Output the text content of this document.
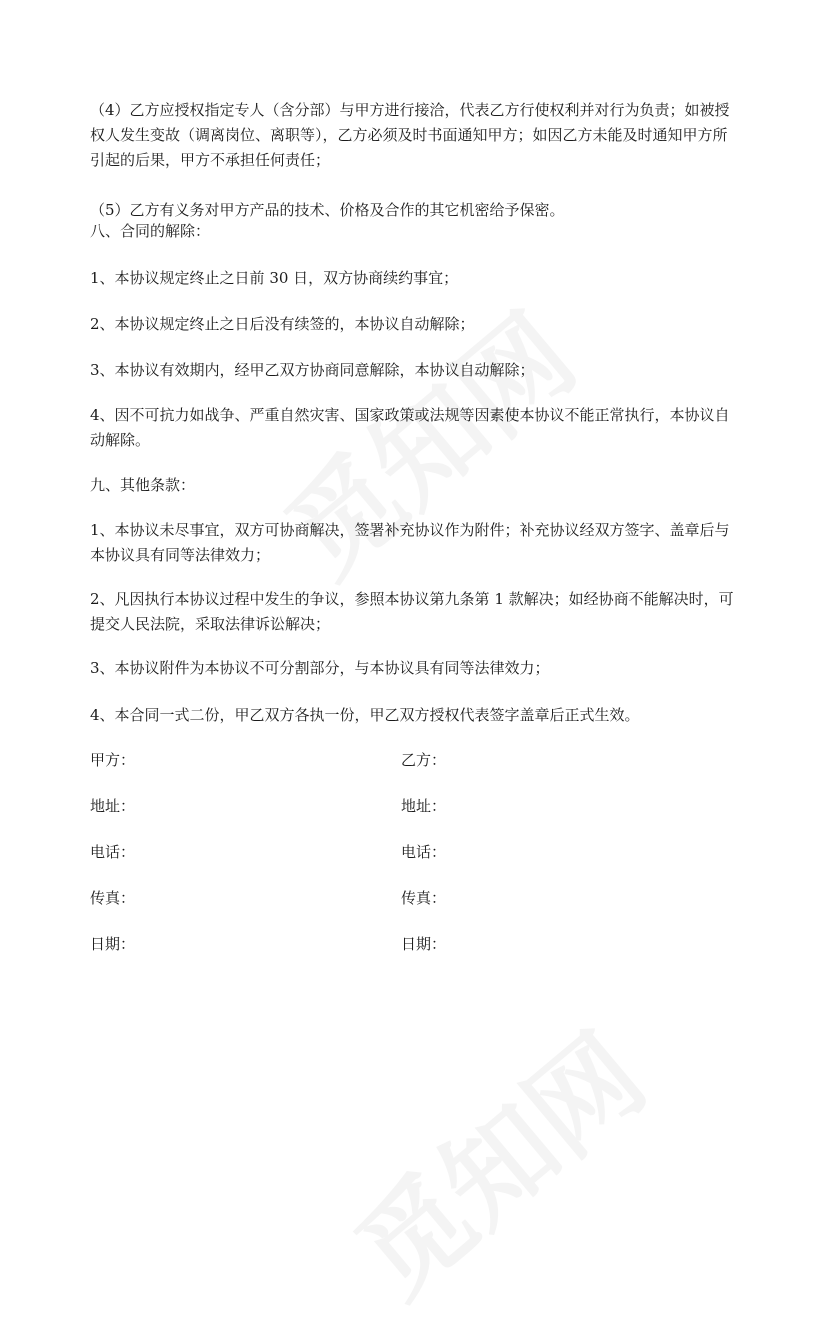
（4）乙方应授权指定专人（含分部）与甲方进行接洽，代表乙方行使权利并对行为负责；如被授权人发生变故（调离岗位、离职等），乙方必须及时书面通知甲方；如因乙方未能及时通知甲方所引起的后果，甲方不承担任何责任；

（5）乙方有义务对甲方产品的技术、价格及合作的其它机密给予保密。

八、合同的解除：

1、本协议规定终止之日前 30 日，双方协商续约事宜；

2、本协议规定终止之日后没有续签的，本协议自动解除；

3、本协议有效期内，经甲乙双方协商同意解除，本协议自动解除；

4、因不可抗力如战争、严重自然灾害、国家政策或法规等因素使本协议不能正常执行，本协议自动解除。

九、其他条款：

1、本协议未尽事宜，双方可协商解决，签署补充协议作为附件；补充协议经双方签字、盖章后与本协议具有同等法律效力；

2、凡因执行本协议过程中发生的争议，参照本协议第九条第 1 款解决；如经协商不能解决时，可提交人民法院，采取法律诉讼解决；

3、本协议附件为本协议不可分割部分，与本协议具有同等法律效力；

4、本合同一式二份，甲乙双方各执一份，甲乙双方授权代表签字盖章后正式生效。

甲方：

地址：

电话：

传真：

日期：

乙方：

地址：

电话：

传真：

日期：
